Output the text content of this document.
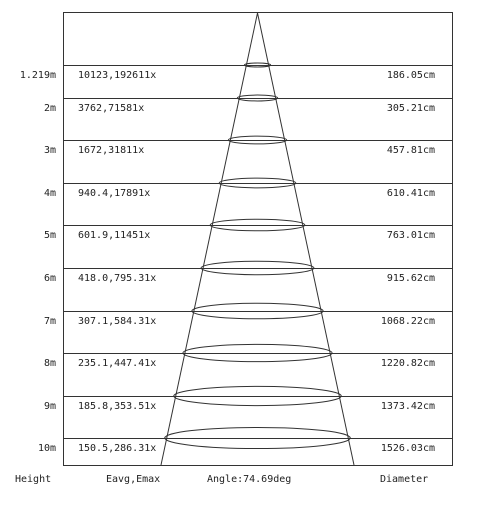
1.219m 10123,192611x	186.05cm
2m 3762,71581x	305.21cm
3m 1672,31811x	457.81cm
4m 940.4,17891x	610.41cm
5m 601.9,11451x	763.01cm
6m 418.0,795.31x	915.62cm
7m 307.1,584.31x	1068.22cm
8m 235.1,447.41x	1220.82cm
9m 185.8,353.51x	1373.42cm
10m 150.5,286.31x	1526.03cm
Height	Eavg,Emax	Angle:74.69deg	Diameter
